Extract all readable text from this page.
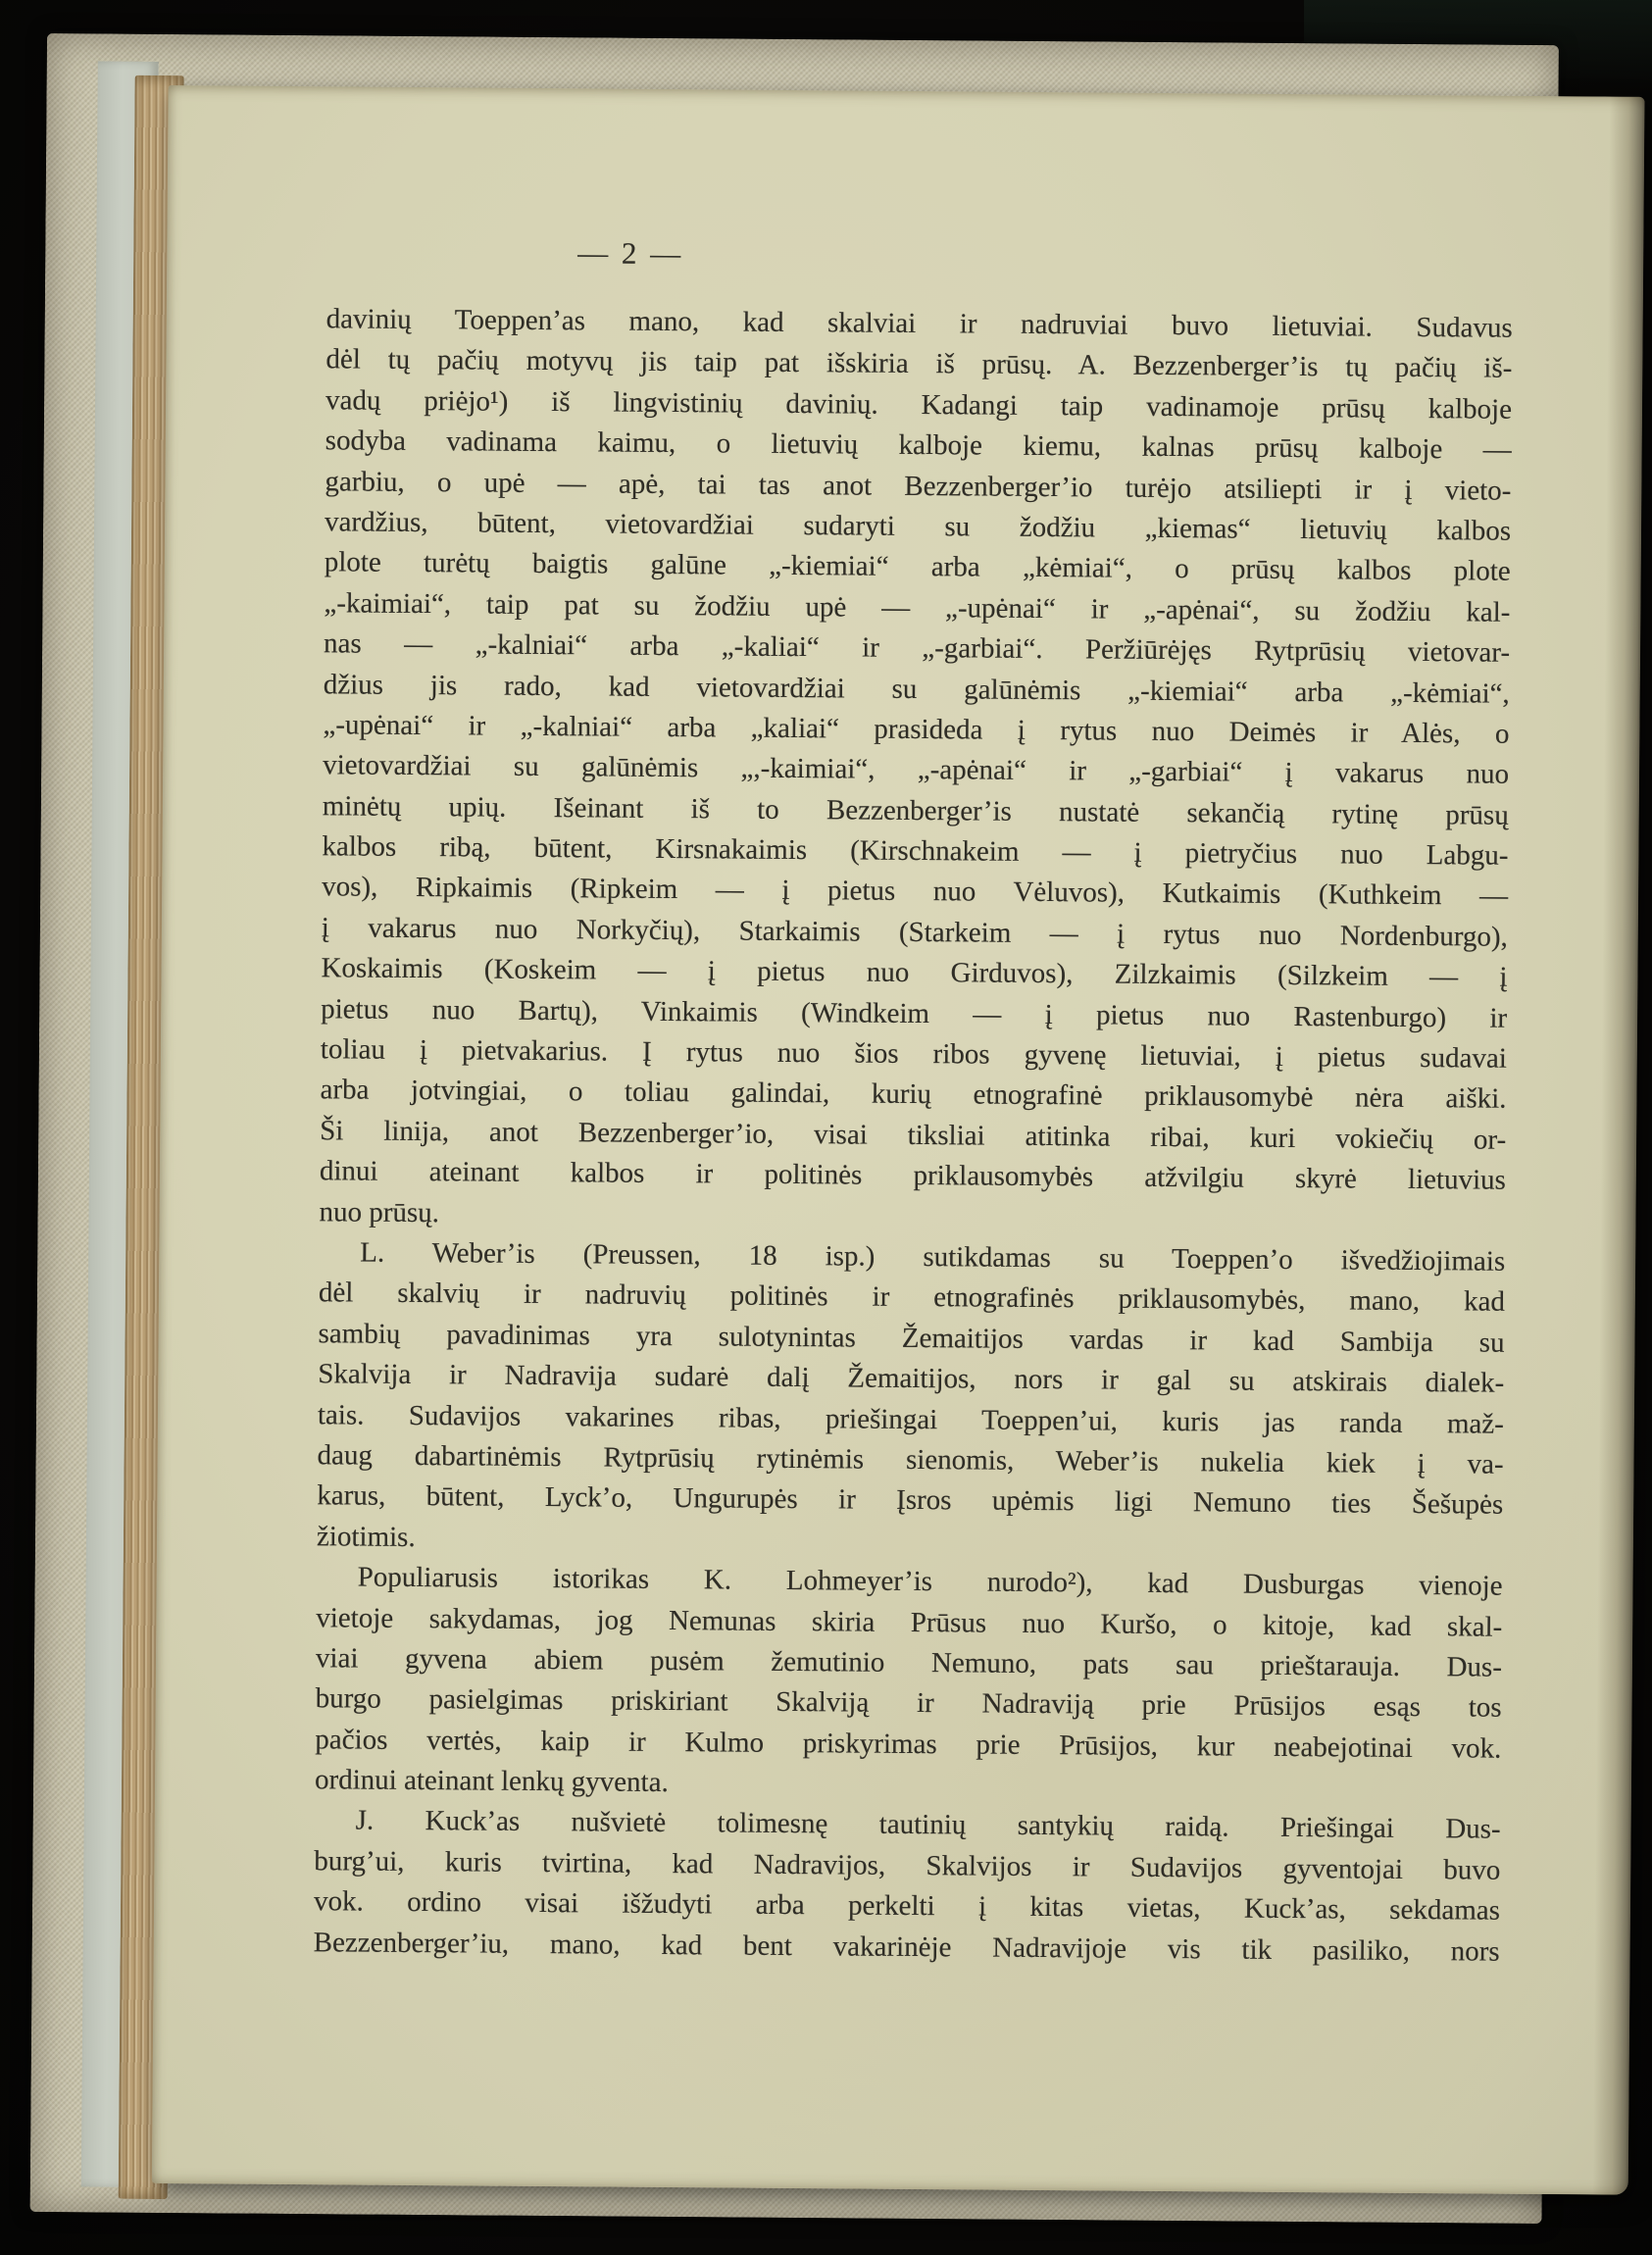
— 2 —
davinių Toeppen’as mano, kad skalviai ir nadruviai buvo lietuviai. Sudavus
dėl tų pačių motyvų jis taip pat išskiria iš prūsų. A. Bezzenberger’is tų pačių iš-
vadų priėjo¹) iš lingvistinių davinių. Kadangi taip vadinamoje prūsų kalboje
sodyba vadinama kaimu, o lietuvių kalboje kiemu, kalnas prūsų kalboje —
garbiu, o upė — apė, tai tas anot Bezzenberger’io turėjo atsiliepti ir į vieto-
vardžius, būtent, vietovardžiai sudaryti su žodžiu „kiemas“ lietuvių kalbos
plote turėtų baigtis galūne „-kiemiai“ arba „kėmiai“, o prūsų kalbos plote
„-kaimiai“, taip pat su žodžiu upė — „-upėnai“ ir „-apėnai“, su žodžiu kal-
nas — „-kalniai“ arba „-kaliai“ ir „-garbiai“. Peržiūrėjęs Rytprūsių vietovar-
džius jis rado, kad vietovardžiai su galūnėmis „-kiemiai“ arba „-kėmiai“,
„-upėnai“ ir „-kalniai“ arba „kaliai“ prasideda į rytus nuo Deimės ir Alės, o
vietovardžiai su galūnėmis „,-kaimiai“, „-apėnai“ ir „-garbiai“ į vakarus nuo
minėtų upių. Išeinant iš to Bezzenberger’is nustatė sekančią rytinę prūsų
kalbos ribą, būtent, Kirsnakaimis (Kirschnakeim — į pietryčius nuo Labgu-
vos), Ripkaimis (Ripkeim — į pietus nuo Vėluvos), Kutkaimis (Kuthkeim —
į vakarus nuo Norkyčių), Starkaimis (Starkeim — į rytus nuo Nordenburgo),
Koskaimis (Koskeim — į pietus nuo Girduvos), Zilzkaimis (Silzkeim — į
pietus nuo Bartų), Vinkaimis (Windkeim — į pietus nuo Rastenburgo) ir
toliau į pietvakarius. Į rytus nuo šios ribos gyvenę lietuviai, į pietus sudavai
arba jotvingiai, o toliau galindai, kurių etnografinė priklausomybė nėra aiški.
Ši linija, anot Bezzenberger’io, visai tiksliai atitinka ribai, kuri vokiečių or-
dinui ateinant kalbos ir politinės priklausomybės atžvilgiu skyrė lietuvius
nuo prūsų.
L. Weber’is (Preussen, 18 isp.) sutikdamas su Toeppen’o išvedžiojimais
dėl skalvių ir nadruvių politinės ir etnografinės priklausomybės, mano, kad
sambių pavadinimas yra sulotynintas Žemaitijos vardas ir kad Sambija su
Skalvija ir Nadravija sudarė dalį Žemaitijos, nors ir gal su atskirais dialek-
tais. Sudavijos vakarines ribas, priešingai Toeppen’ui, kuris jas randa maž-
daug dabartinėmis Rytprūsių rytinėmis sienomis, Weber’is nukelia kiek į va-
karus, būtent, Lyck’o, Ungurupės ir Įsros upėmis ligi Nemuno ties Šešupės
žiotimis.
Populiarusis istorikas K. Lohmeyer’is nurodo²), kad Dusburgas vienoje
vietoje sakydamas, jog Nemunas skiria Prūsus nuo Kuršo, o kitoje, kad skal-
viai gyvena abiem pusėm žemutinio Nemuno, pats sau prieštarauja. Dus-
burgo pasielgimas priskiriant Skalviją ir Nadraviją prie Prūsijos esąs tos
pačios vertės, kaip ir Kulmo priskyrimas prie Prūsijos, kur neabejotinai vok.
ordinui ateinant lenkų gyventa.
J. Kuck’as nušvietė tolimesnę tautinių santykių raidą. Priešingai Dus-
burg’ui, kuris tvirtina, kad Nadravijos, Skalvijos ir Sudavijos gyventojai buvo
vok. ordino visai išžudyti arba perkelti į kitas vietas, Kuck’as, sekdamas
Bezzenberger’iu, mano, kad bent vakarinėje Nadravijoje vis tik pasiliko, nors
